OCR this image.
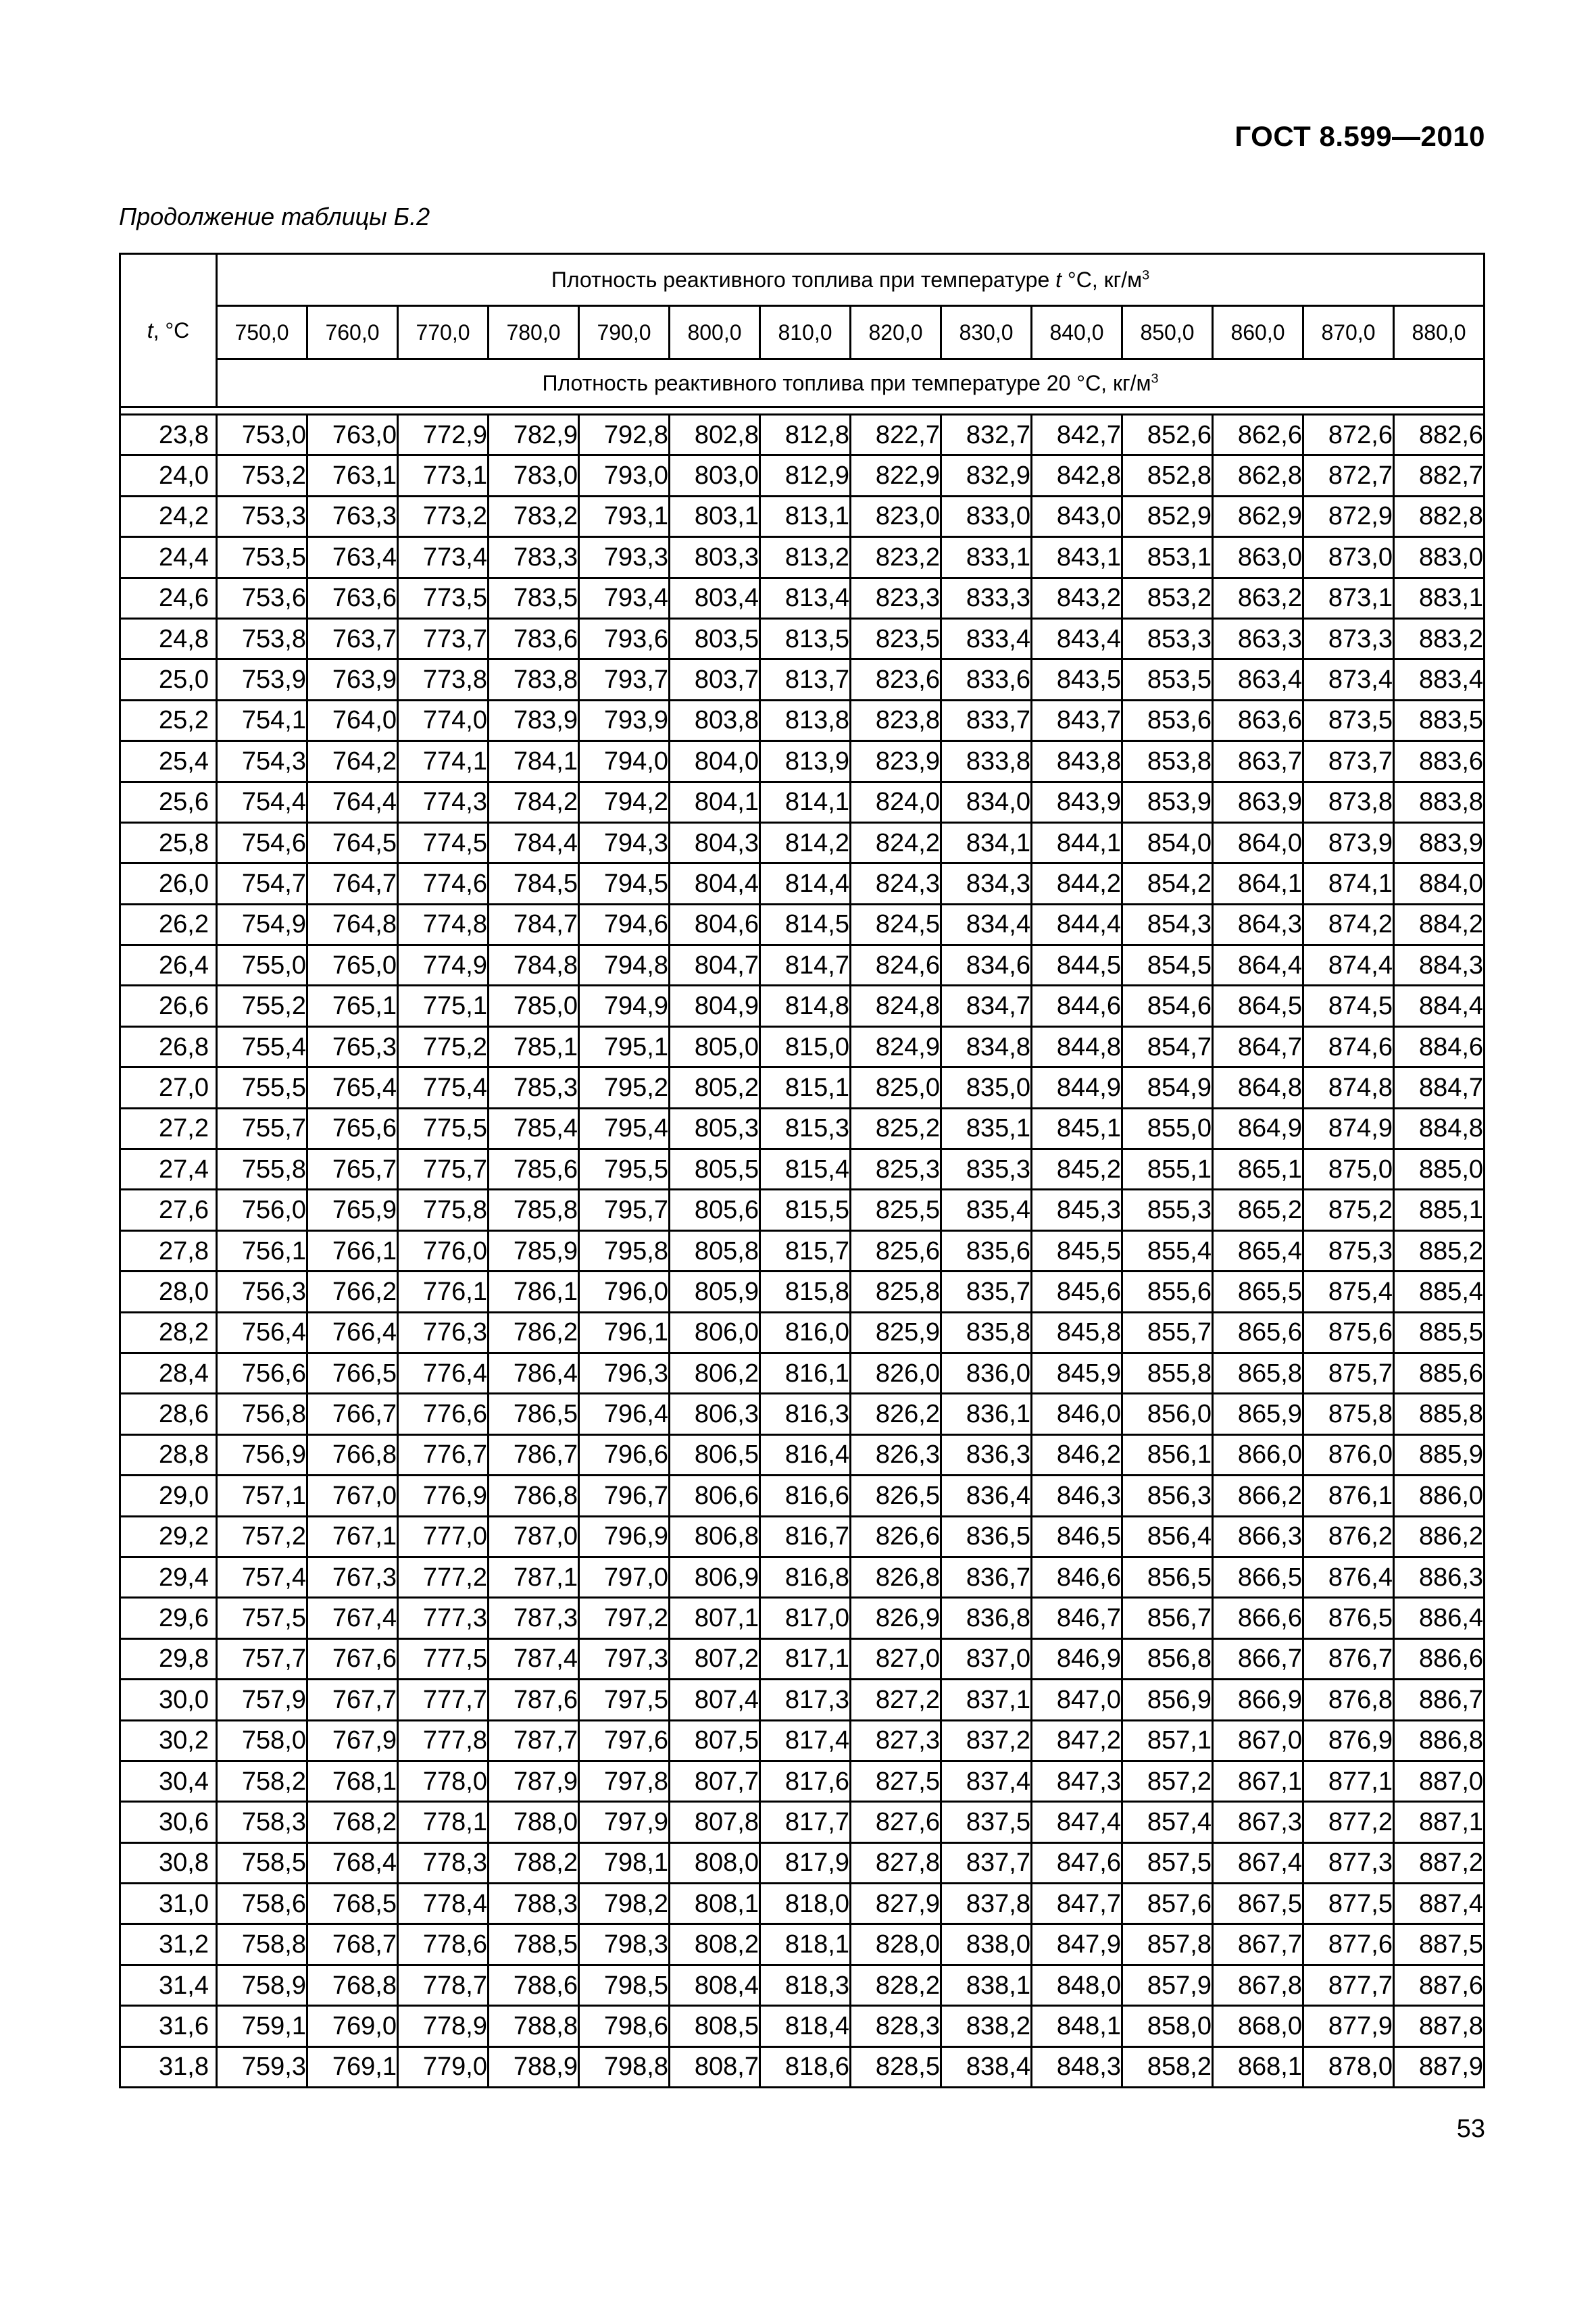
ГОСТ 8.599—2010
Продолжение таблицы Б.2
t, °С	Плотность реактивного топлива при температуре t °С, $кг/м^3$
	750,0	760,0	770,0	780,0	790,0	800,0	810,0	820,0	830,0	840,0	850,0	860,0	870,0	880,0
	Плотность реактивного топлива при температуре 20 °С, $кг/м^3$

23,8	753,0	763,0	772,9	782,9	792,8	802,8	812,8	822,7	832,7	842,7	852,6	862,6	872,6	882,6
24,0	753,2	763,1	773,1	783,0	793,0	803,0	812,9	822,9	832,9	842,8	852,8	862,8	872,7	882,7
24,2	753,3	763,3	773,2	783,2	793,1	803,1	813,1	823,0	833,0	843,0	852,9	862,9	872,9	882,8
24,4	753,5	763,4	773,4	783,3	793,3	803,3	813,2	823,2	833,1	843,1	853,1	863,0	873,0	883,0
24,6	753,6	763,6	773,5	783,5	793,4	803,4	813,4	823,3	833,3	843,2	853,2	863,2	873,1	883,1
24,8	753,8	763,7	773,7	783,6	793,6	803,5	813,5	823,5	833,4	843,4	853,3	863,3	873,3	883,2
25,0	753,9	763,9	773,8	783,8	793,7	803,7	813,7	823,6	833,6	843,5	853,5	863,4	873,4	883,4
25,2	754,1	764,0	774,0	783,9	793,9	803,8	813,8	823,8	833,7	843,7	853,6	863,6	873,5	883,5
25,4	754,3	764,2	774,1	784,1	794,0	804,0	813,9	823,9	833,8	843,8	853,8	863,7	873,7	883,6
25,6	754,4	764,4	774,3	784,2	794,2	804,1	814,1	824,0	834,0	843,9	853,9	863,9	873,8	883,8
25,8	754,6	764,5	774,5	784,4	794,3	804,3	814,2	824,2	834,1	844,1	854,0	864,0	873,9	883,9
26,0	754,7	764,7	774,6	784,5	794,5	804,4	814,4	824,3	834,3	844,2	854,2	864,1	874,1	884,0
26,2	754,9	764,8	774,8	784,7	794,6	804,6	814,5	824,5	834,4	844,4	854,3	864,3	874,2	884,2
26,4	755,0	765,0	774,9	784,8	794,8	804,7	814,7	824,6	834,6	844,5	854,5	864,4	874,4	884,3
26,6	755,2	765,1	775,1	785,0	794,9	804,9	814,8	824,8	834,7	844,6	854,6	864,5	874,5	884,4
26,8	755,4	765,3	775,2	785,1	795,1	805,0	815,0	824,9	834,8	844,8	854,7	864,7	874,6	884,6
27,0	755,5	765,4	775,4	785,3	795,2	805,2	815,1	825,0	835,0	844,9	854,9	864,8	874,8	884,7
27,2	755,7	765,6	775,5	785,4	795,4	805,3	815,3	825,2	835,1	845,1	855,0	864,9	874,9	884,8
27,4	755,8	765,7	775,7	785,6	795,5	805,5	815,4	825,3	835,3	845,2	855,1	865,1	875,0	885,0
27,6	756,0	765,9	775,8	785,8	795,7	805,6	815,5	825,5	835,4	845,3	855,3	865,2	875,2	885,1
27,8	756,1	766,1	776,0	785,9	795,8	805,8	815,7	825,6	835,6	845,5	855,4	865,4	875,3	885,2
28,0	756,3	766,2	776,1	786,1	796,0	805,9	815,8	825,8	835,7	845,6	855,6	865,5	875,4	885,4
28,2	756,4	766,4	776,3	786,2	796,1	806,0	816,0	825,9	835,8	845,8	855,7	865,6	875,6	885,5
28,4	756,6	766,5	776,4	786,4	796,3	806,2	816,1	826,0	836,0	845,9	855,8	865,8	875,7	885,6
28,6	756,8	766,7	776,6	786,5	796,4	806,3	816,3	826,2	836,1	846,0	856,0	865,9	875,8	885,8
28,8	756,9	766,8	776,7	786,7	796,6	806,5	816,4	826,3	836,3	846,2	856,1	866,0	876,0	885,9
29,0	757,1	767,0	776,9	786,8	796,7	806,6	816,6	826,5	836,4	846,3	856,3	866,2	876,1	886,0
29,2	757,2	767,1	777,0	787,0	796,9	806,8	816,7	826,6	836,5	846,5	856,4	866,3	876,2	886,2
29,4	757,4	767,3	777,2	787,1	797,0	806,9	816,8	826,8	836,7	846,6	856,5	866,5	876,4	886,3
29,6	757,5	767,4	777,3	787,3	797,2	807,1	817,0	826,9	836,8	846,7	856,7	866,6	876,5	886,4
29,8	757,7	767,6	777,5	787,4	797,3	807,2	817,1	827,0	837,0	846,9	856,8	866,7	876,7	886,6
30,0	757,9	767,7	777,7	787,6	797,5	807,4	817,3	827,2	837,1	847,0	856,9	866,9	876,8	886,7
30,2	758,0	767,9	777,8	787,7	797,6	807,5	817,4	827,3	837,2	847,2	857,1	867,0	876,9	886,8
30,4	758,2	768,1	778,0	787,9	797,8	807,7	817,6	827,5	837,4	847,3	857,2	867,1	877,1	887,0
30,6	758,3	768,2	778,1	788,0	797,9	807,8	817,7	827,6	837,5	847,4	857,4	867,3	877,2	887,1
30,8	758,5	768,4	778,3	788,2	798,1	808,0	817,9	827,8	837,7	847,6	857,5	867,4	877,3	887,2
31,0	758,6	768,5	778,4	788,3	798,2	808,1	818,0	827,9	837,8	847,7	857,6	867,5	877,5	887,4
31,2	758,8	768,7	778,6	788,5	798,3	808,2	818,1	828,0	838,0	847,9	857,8	867,7	877,6	887,5
31,4	758,9	768,8	778,7	788,6	798,5	808,4	818,3	828,2	838,1	848,0	857,9	867,8	877,7	887,6
31,6	759,1	769,0	778,9	788,8	798,6	808,5	818,4	828,3	838,2	848,1	858,0	868,0	877,9	887,8
31,8	759,3	769,1	779,0	788,9	798,8	808,7	818,6	828,5	838,4	848,3	858,2	868,1	878,0	887,9
53
